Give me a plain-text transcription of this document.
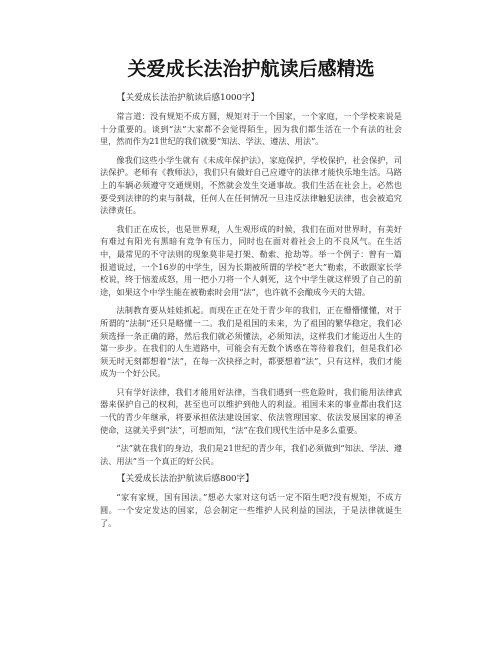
关爱成长法治护航读后感精选
【关爱成长法治护航读后感1000字】

常言道：没有规矩不成方圆，规矩对于一个国家，一个家庭，一个学校来说是十分重要的。谈到“法”大家都不会觉得陌生，因为我们都生活在一个有法的社会里，然而作为21世纪的我们就要“知法、学法、遵法、用法”。

像我们这些小学生就有《未成年保护法》，家庭保护，学校保护，社会保护，司法保护。老师有《教师法》，我们只有做好自己应遵守的法律才能快乐地生活。马路上的车辆必须遵守交通规则，不然就会发生交通事故。我们生活在社会上，必然也要受到法律的约束与制裁，任何人在任何情况一旦违反法律触犯法律，也会被追究法律责任。

我们正在成长，也是世界观，人生观形成的时候，我们在面对世界时，有美好有难过有阳光有黑暗有竞争有压力，同时也在面对着社会上的不良风气。在生活中，最常见的不守法则的现象莫非是打架、勒索、抢劫等。举一个例子：曾有一篇报道说过，一个16岁的中学生，因为长期被所谓的学校“老大”勒索，不敢跟家长学校说，终于恼羞成怒，用一把小刀将一个人刺死，这个中学生就这样毁了自己的前途，如果这个中学生能在被勒索时会用“法”，也许就不会酿成今天的大错。

法制教育要从娃娃抓起。而现在正在处于青少年的我们，正在懵懵懂懂，对于所谓的“法制”还只是略懂一二。我们是祖国的未来，为了祖国的繁华稳定，我们必须选择一条正确的路，然后我们就必须懂法，必须知法，这样我们才能迈出人生的第一步步。在我们的人生道路中，可能会有无数个诱惑在等待着我们，但是我们必须无时无刻都想着“法”，在每一次抉择之时，都要想着“法”，只有这样，我们才能成为一个好公民。

只有学好法律，我们才能用好法律，当我们遇到一些危险时，我们能用法律武器来保护自己的权利，甚至也可以维护到他人的利益。祖国未来的事业都由我们这一代的青少年继承，将要承担依法建设国家、依法管理国家、依法发展国家的神圣使命，这就关乎到“法”，可想而知，“法”在我们现代生活中是多么重要。

“法”就在我们的身边，我们是21世纪的青少年，我们必须做到“知法、学法、遵法、用法”当一个真正的好公民。

【关爱成长法治护航读后感800字】

“家有家规，国有国法。”想必大家对这句话一定不陌生吧?没有规矩，不成方圆。一个安定发达的国家，总会制定一些维护人民利益的国法，于是法律就诞生了。
